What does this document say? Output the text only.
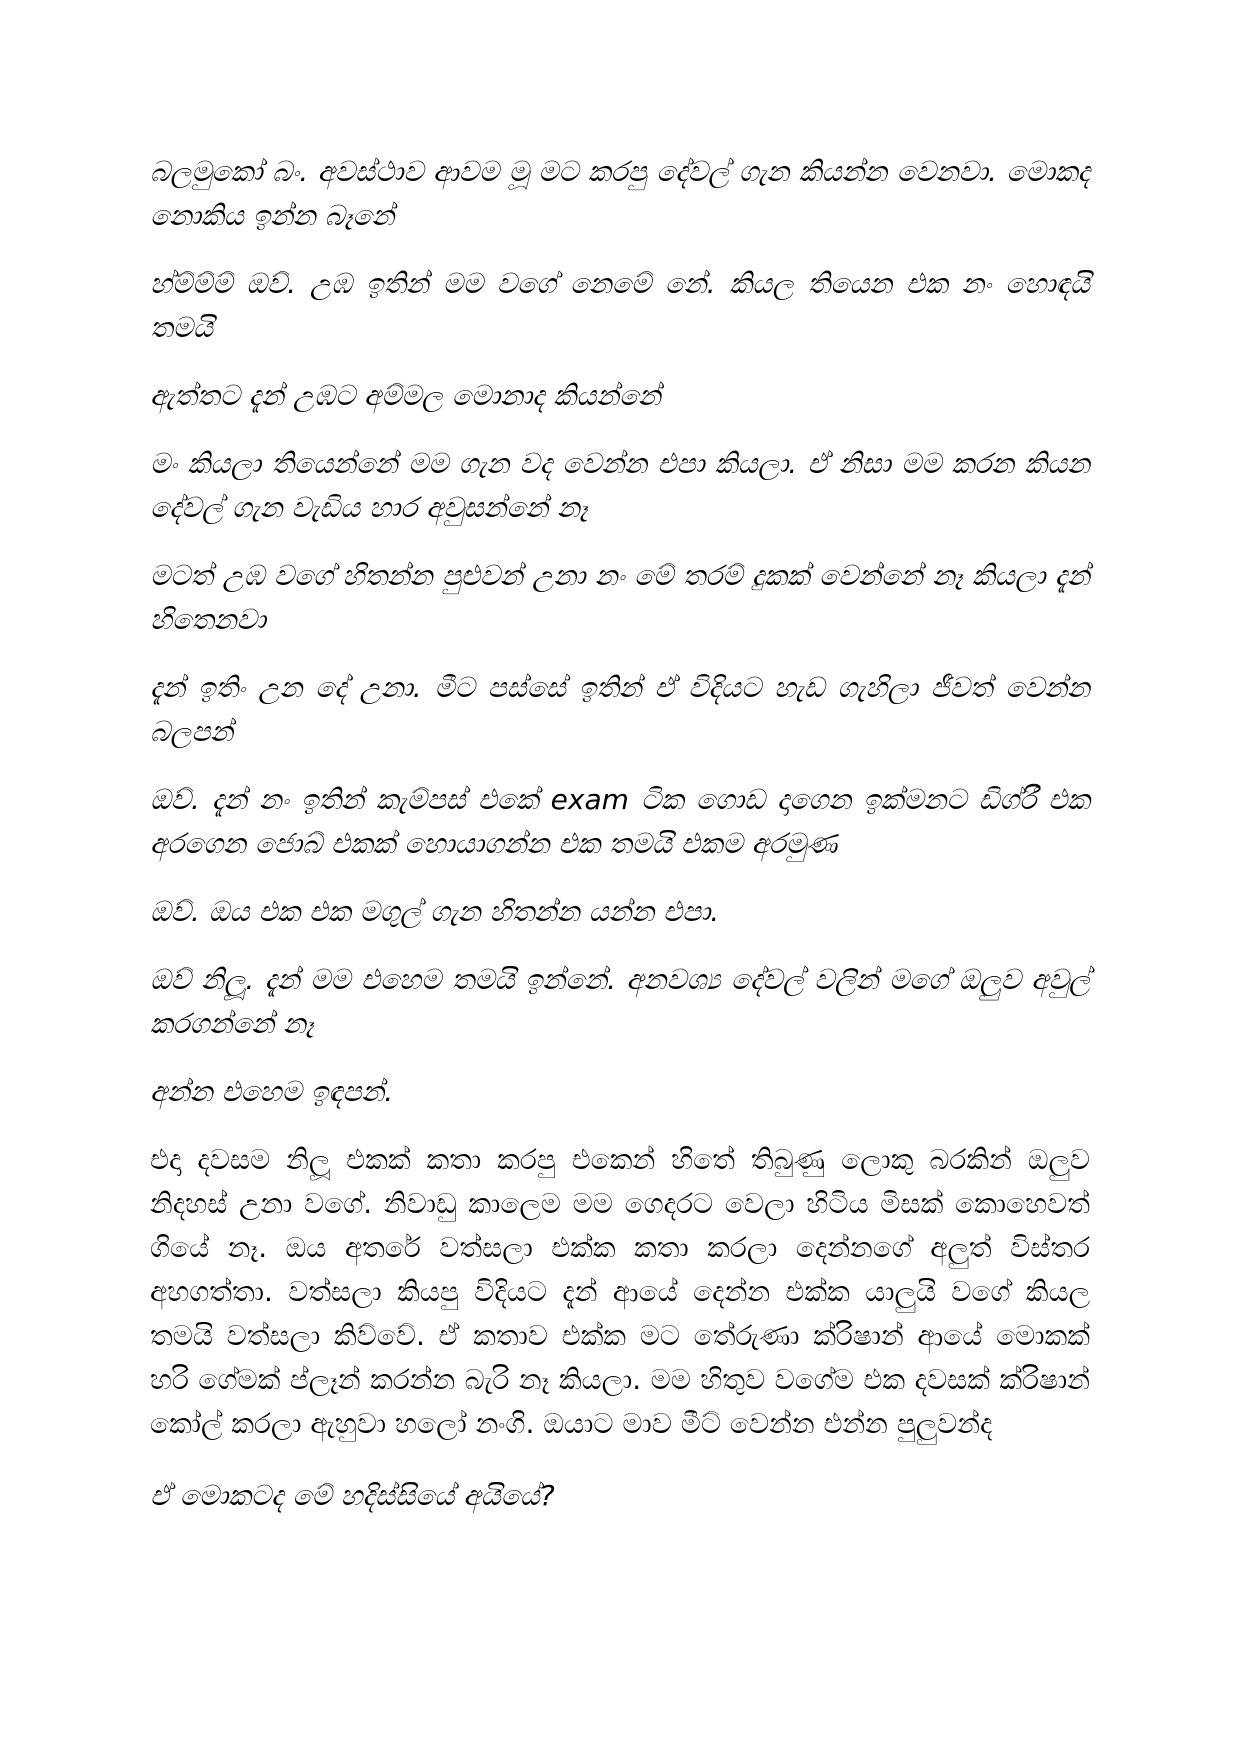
බලමුකෝ බං. අවස්ථාව ආවම මූ මට කරපු දේවල් ගැන කියන්න වෙනවා. මොකද නොකිය ඉන්න බෑනේ

හ්ම්ම්ම් ඔව්. උඹ ඉතින් මම වගේ නෙමේ නේ. කියල තියෙන එක නං හොඳයි තමයි

ඇත්තට දැන් උඹට අම්මල මොනාද කියන්නේ

මං කියලා තියෙන්නේ මම ගැන වද වෙන්න එපා කියලා. ඒ නිසා මම කරන කියන දේවල් ගැන වැඩිය හාර අවුසන්නේ නෑ

මටත් උඹ වගේ හිතන්න පුළුවන් උනා නං මේ තරම් දුකක් වෙන්නේ නෑ කියලා දැන් හිතෙනවා

දැන් ඉතිං උන දේ උනා. මීට පස්සේ ඉතින් ඒ විදියට හැඩ ගැහිලා ජීවත් වෙන්න බලපන්

ඔව්. දැන් නං ඉතින් කැම්පස් එකේ exam ටික ගොඩ දාගෙන ඉක්මනට ඩිග්රී එක අරගෙන ජොබ් එකක් හොයාගන්න එක තමයි එකම අරමුණ

ඔව්. ඔය එක එක මගුල් ගැන හිතන්න යන්න එපා.

ඔව් නිලූ. දැන් මම එහෙම තමයි ඉන්නේ. අනවශ්‍ය දේවල් වලින් මගේ ඔලුව අවුල් කරගන්නේ නෑ

අන්න එහෙම ඉඳපන්.

එදා දවසම නිලූ එකක් කතා කරපු එකෙන් හිතේ තිබුණු ලොකු බරකින් ඔලුව නිදහස් උනා වගේ. නිවාඩු කාලෙම මම ගෙදරට වෙලා හිටිය මිසක් කොහෙවත් ගියේ නෑ. ඔය අතරේ වත්සලා එක්ක කතා කරලා දෙන්නගේ අලුත් විස්තර අහගත්තා. වත්සලා කියපු විදියට දැන් ආයේ දෙන්න එක්ක යාලුයි වගේ කියල තමයි වත්සලා කිව්වේ. ඒ කතාව එක්ක මට තේරුණා ක්රිෂාන් ආයේ මොකක් හරි ගේමක් ප්ලෑන් කරන්න බැරි නෑ කියලා. මම හිතුව වගේම එක දවසක් ක්රිෂාන් කෝල් කරලා ඇහුවා හලෝ නංගි. ඔයාට මාව මීට් වෙන්න එන්න පුලුවන්ද

ඒ මොකටද මේ හදිස්සියේ අයියේ?
